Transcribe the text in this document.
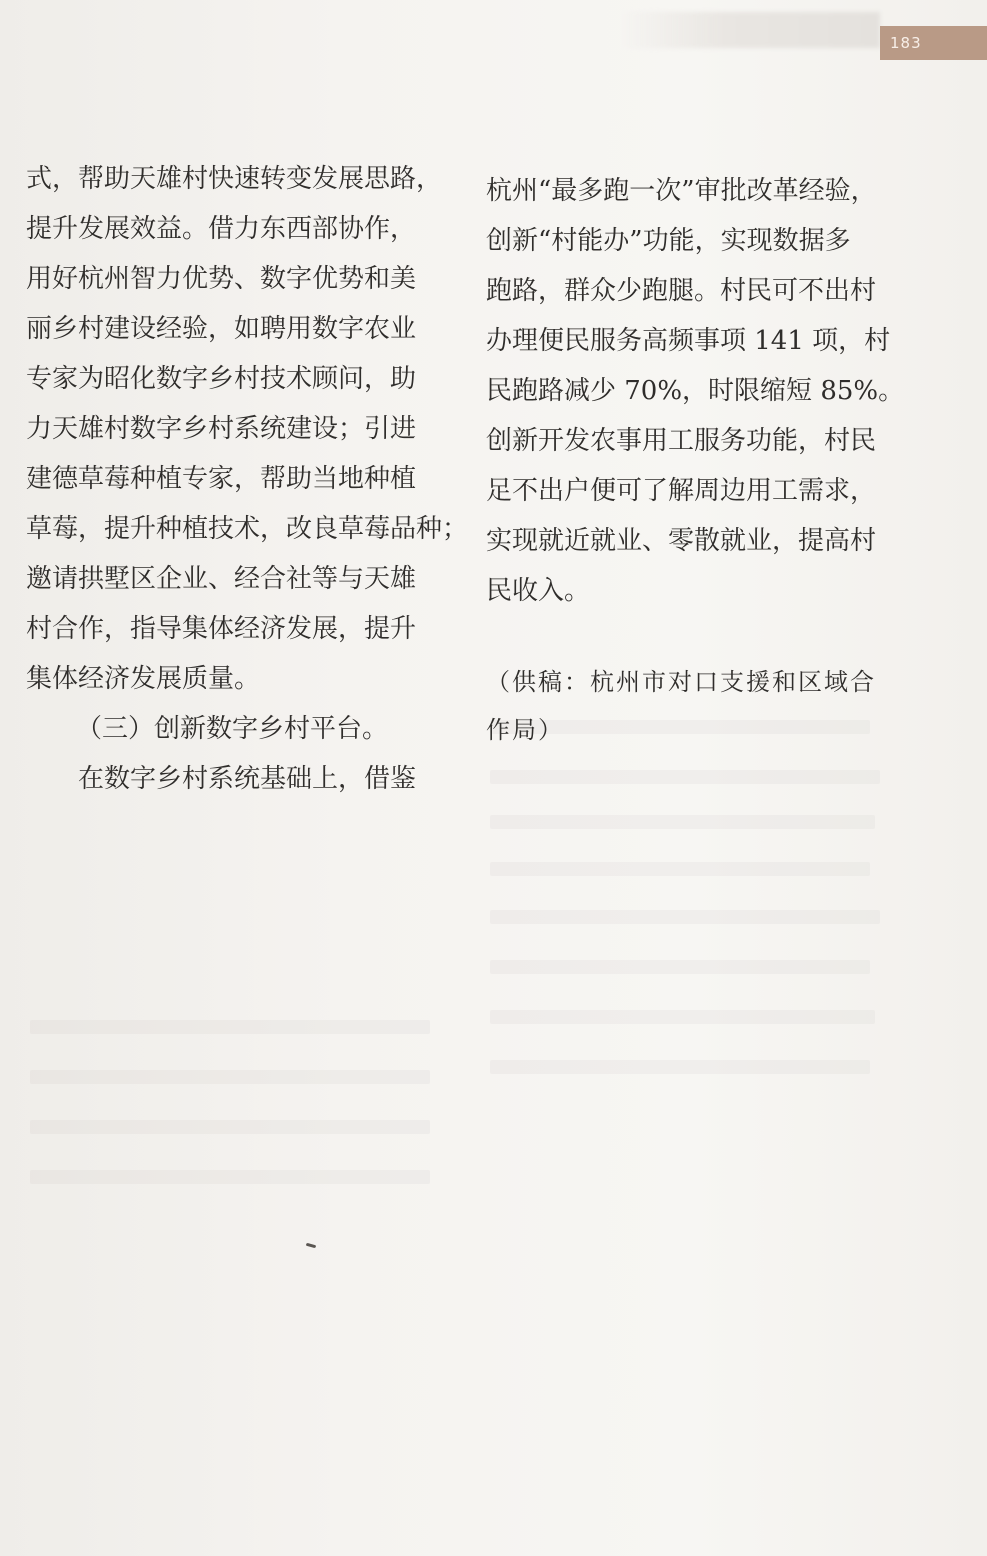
183
式，帮助天雄村快速转变发展思路，
提升发展效益。借力东西部协作，
用好杭州智力优势、数字优势和美
丽乡村建设经验，如聘用数字农业
专家为昭化数字乡村技术顾问，助
力天雄村数字乡村系统建设；引进
建德草莓种植专家，帮助当地种植
草莓，提升种植技术，改良草莓品种；
邀请拱墅区企业、经合社等与天雄
村合作，指导集体经济发展，提升
集体经济发展质量。
（三）创新数字乡村平台。
在数字乡村系统基础上，借鉴
杭州“最多跑一次”审批改革经验，
创新“村能办”功能，实现数据多
跑路，群众少跑腿。村民可不出村
办理便民服务高频事项 141 项，村
民跑路减少 70%，时限缩短 85%。
创新开发农事用工服务功能，村民
足不出户便可了解周边用工需求，
实现就近就业、零散就业，提高村
民收入。
（供稿：杭州市对口支援和区域合
作局）
